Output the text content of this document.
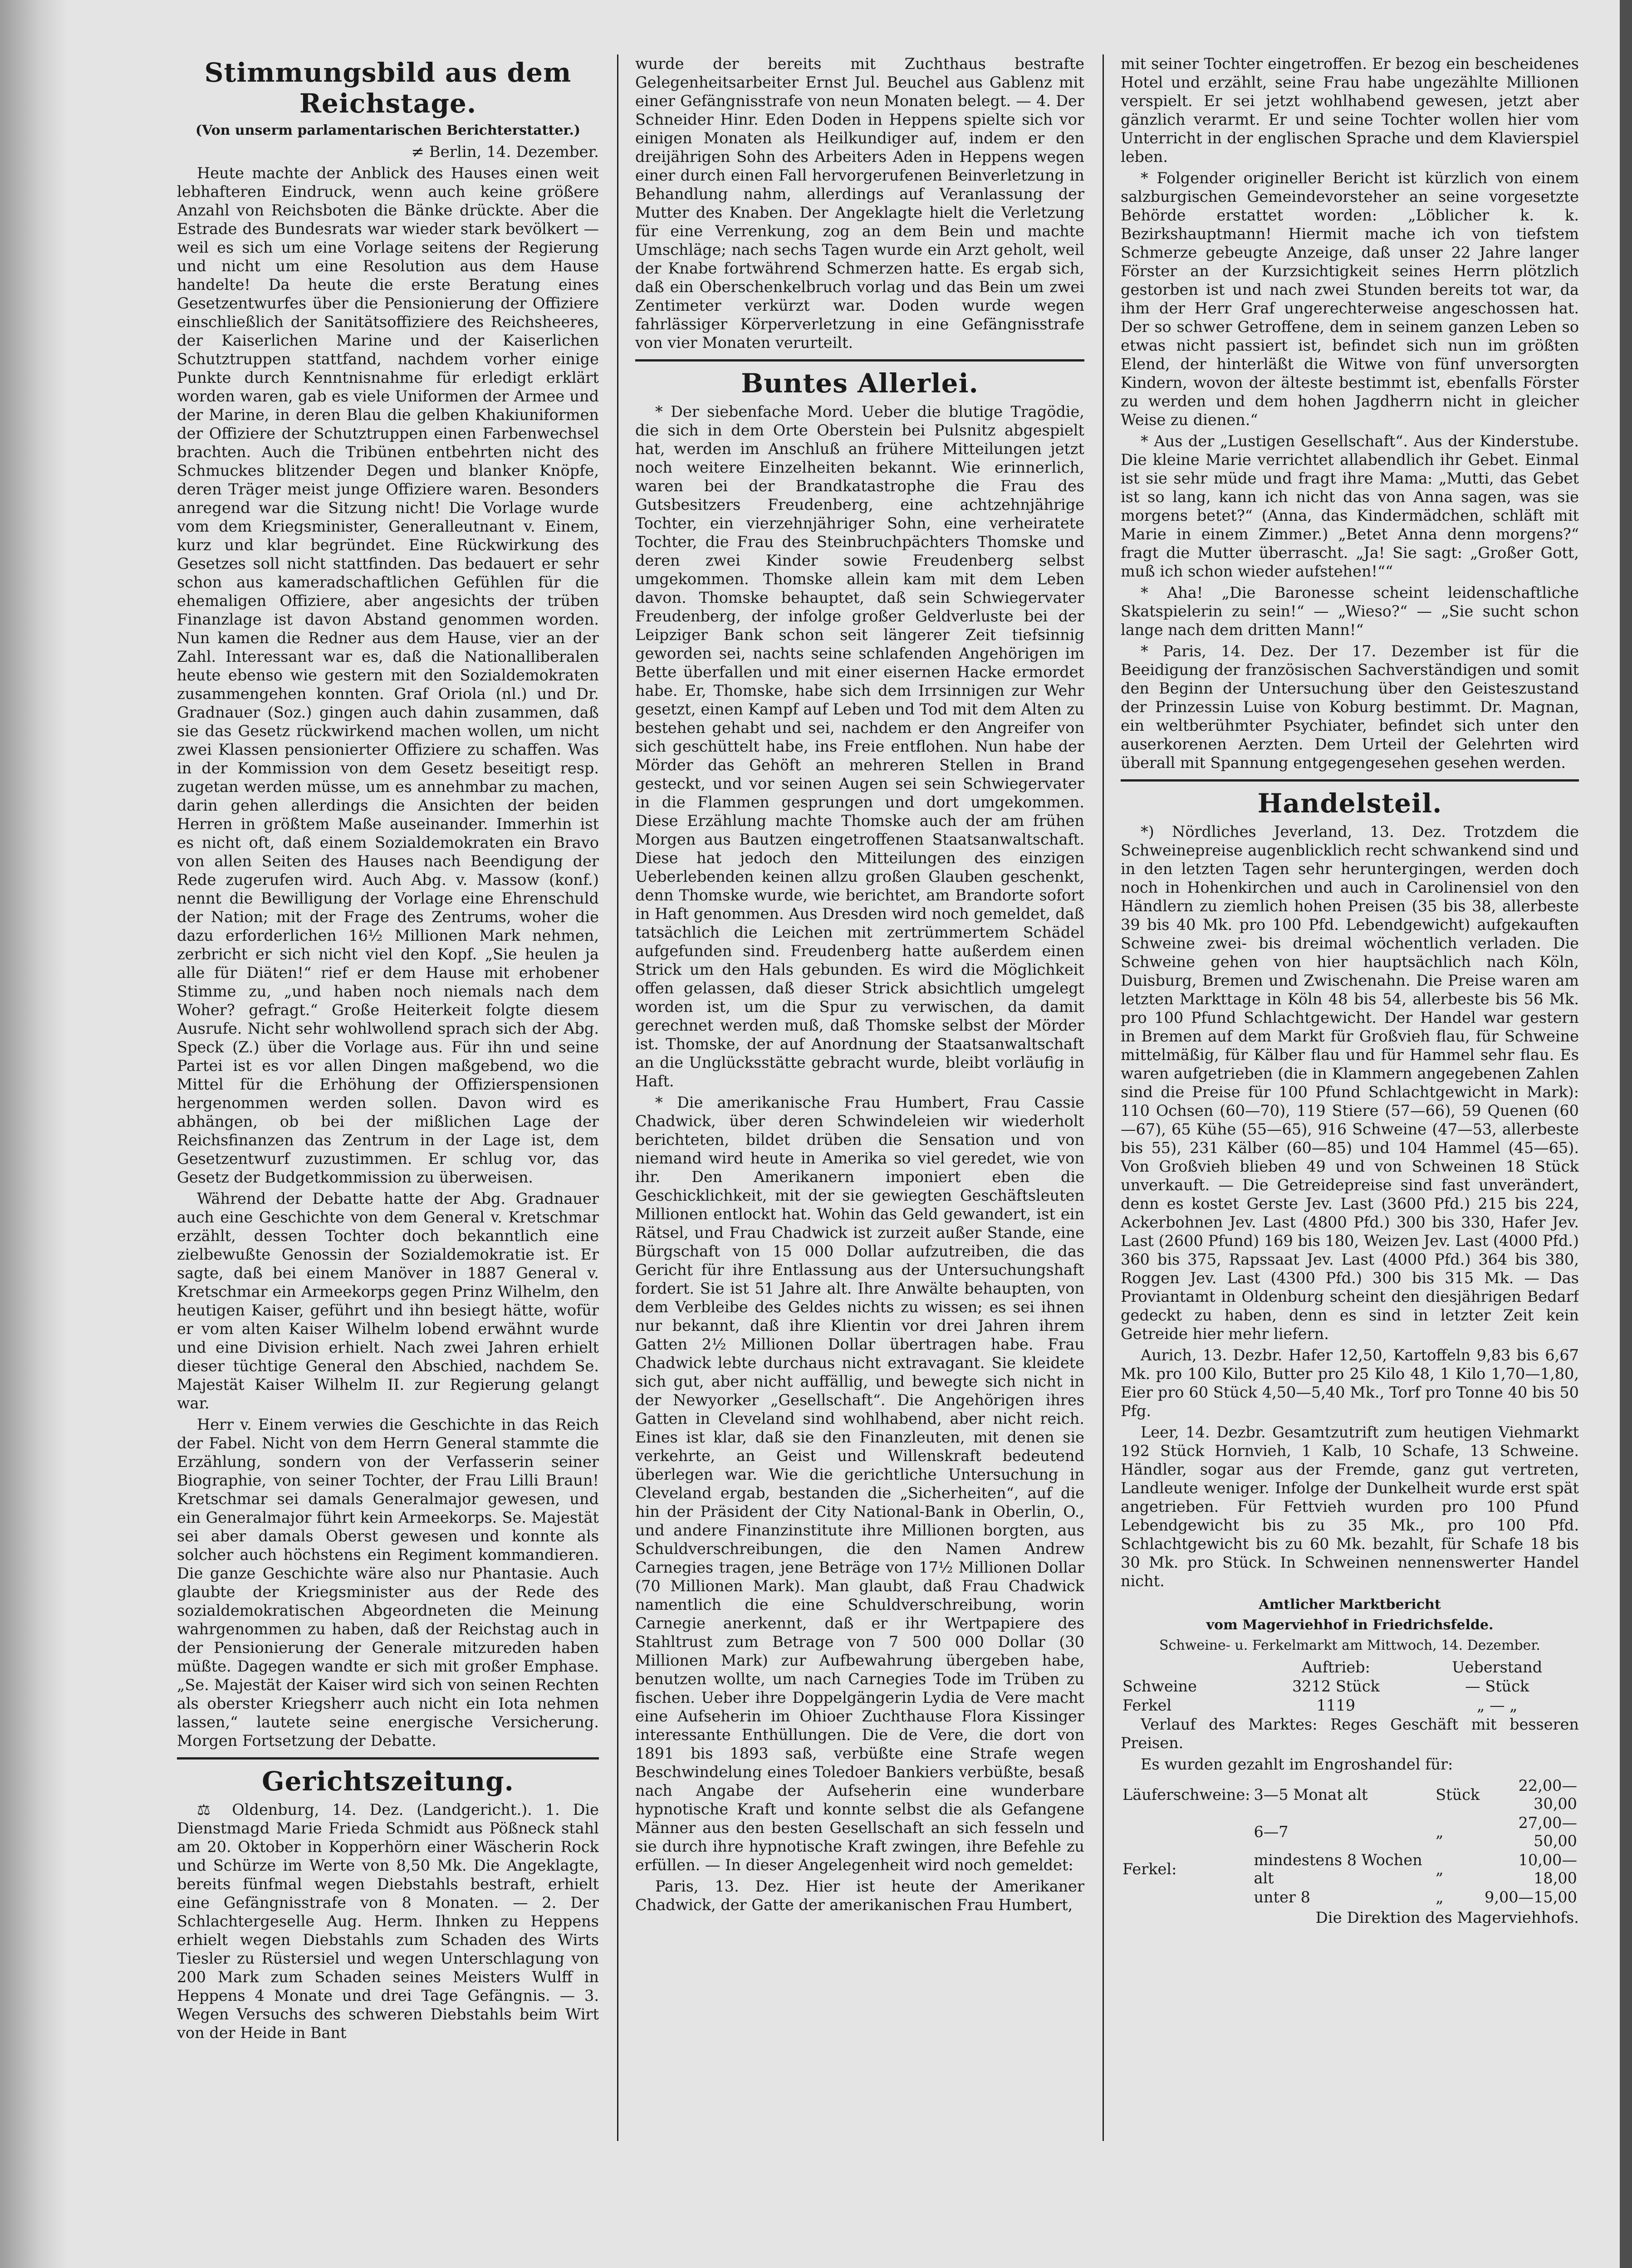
Stimmungsbild aus dem Reichstage.
(Von unserm parlamentarischen Berichterstatter.)
≠ Berlin, 14. Dezember.

Heute machte der Anblick des Hauses einen weit lebhafteren Eindruck, wenn auch keine größere Anzahl von Reichsboten die Bänke drückte. Aber die Estrade des Bundesrats war wieder stark bevölkert — weil es sich um eine Vorlage seitens der Regierung und nicht um eine Resolution aus dem Hause handelte! Da heute die erste Beratung eines Gesetzentwurfes über die Pensionierung der Offiziere einschließlich der Sanitätsoffiziere des Reichsheeres, der Kaiserlichen Marine und der Kaiserlichen Schutztruppen stattfand, nachdem vorher einige Punkte durch Kenntnisnahme für erledigt erklärt worden waren, gab es viele Uniformen der Armee und der Marine, in deren Blau die gelben Khakiuniformen der Offiziere der Schutztruppen einen Farbenwechsel brachten. Auch die Tribünen entbehrten nicht des Schmuckes blitzender Degen und blanker Knöpfe, deren Träger meist junge Offiziere waren. Besonders anregend war die Sitzung nicht! Die Vorlage wurde vom dem Kriegsminister, Generalleutnant v. Einem, kurz und klar begründet. Eine Rückwirkung des Gesetzes soll nicht stattfinden. Das bedauert er sehr schon aus kameradschaftlichen Gefühlen für die ehemaligen Offiziere, aber angesichts der trüben Finanzlage ist davon Abstand genommen worden. Nun kamen die Redner aus dem Hause, vier an der Zahl. Interessant war es, daß die Nationalliberalen heute ebenso wie gestern mit den Sozialdemokraten zusammengehen konnten. Graf Oriola (nl.) und Dr. Gradnauer (Soz.) gingen auch dahin zusammen, daß sie das Gesetz rückwirkend machen wollen, um nicht zwei Klassen pensionierter Offiziere zu schaffen. Was in der Kommission von dem Gesetz beseitigt resp. zugetan werden müsse, um es annehmbar zu machen, darin gehen allerdings die Ansichten der beiden Herren in größtem Maße auseinander. Immerhin ist es nicht oft, daß einem Sozialdemokraten ein Bravo von allen Seiten des Hauses nach Beendigung der Rede zugerufen wird. Auch Abg. v. Massow (konf.) nennt die Bewilligung der Vorlage eine Ehrenschuld der Nation; mit der Frage des Zentrums, woher die dazu erforderlichen 16½ Millionen Mark nehmen, zerbricht er sich nicht viel den Kopf. „Sie heulen ja alle für Diäten!“ rief er dem Hause mit erhobener Stimme zu, „und haben noch niemals nach dem Woher? gefragt.“ Große Heiterkeit folgte diesem Ausrufe. Nicht sehr wohlwollend sprach sich der Abg. Speck (Z.) über die Vorlage aus. Für ihn und seine Partei ist es vor allen Dingen maßgebend, wo die Mittel für die Erhöhung der Offizierspensionen hergenommen werden sollen. Davon wird es abhängen, ob bei der mißlichen Lage der Reichsfinanzen das Zentrum in der Lage ist, dem Gesetzentwurf zuzustimmen. Er schlug vor, das Gesetz der Budgetkommission zu überweisen.

Während der Debatte hatte der Abg. Gradnauer auch eine Geschichte von dem General v. Kretschmar erzählt, dessen Tochter doch bekanntlich eine zielbewußte Genossin der Sozialdemokratie ist. Er sagte, daß bei einem Manöver in 1887 General v. Kretschmar ein Armeekorps gegen Prinz Wilhelm, den heutigen Kaiser, geführt und ihn besiegt hätte, wofür er vom alten Kaiser Wilhelm lobend erwähnt wurde und eine Division erhielt. Nach zwei Jahren erhielt dieser tüchtige General den Abschied, nachdem Se. Majestät Kaiser Wilhelm II. zur Regierung gelangt war.

Herr v. Einem verwies die Geschichte in das Reich der Fabel. Nicht von dem Herrn General stammte die Erzählung, sondern von der Verfasserin seiner Biographie, von seiner Tochter, der Frau Lilli Braun! Kretschmar sei damals Generalmajor gewesen, und ein Generalmajor führt kein Armeekorps. Se. Majestät sei aber damals Oberst gewesen und konnte als solcher auch höchstens ein Regiment kommandieren. Die ganze Geschichte wäre also nur Phantasie. Auch glaubte der Kriegsminister aus der Rede des sozialdemokratischen Abgeordneten die Meinung wahrgenommen zu haben, daß der Reichstag auch in der Pensionierung der Generale mitzureden haben müßte. Dagegen wandte er sich mit großer Emphase. „Se. Majestät der Kaiser wird sich von seinen Rechten als oberster Kriegsherr auch nicht ein Iota nehmen lassen,“ lautete seine energische Versicherung. Morgen Fortsetzung der Debatte.

Gerichtszeitung.

⚖ Oldenburg, 14. Dez. (Landgericht.). 1. Die Dienstmagd Marie Frieda Schmidt aus Pößneck stahl am 20. Oktober in Kopperhörn einer Wäscherin Rock und Schürze im Werte von 8,50 Mk. Die Angeklagte, bereits fünfmal wegen Diebstahls bestraft, erhielt eine Gefängnisstrafe von 8 Monaten. — 2. Der Schlachtergeselle Aug. Herm. Ihnken zu Heppens erhielt wegen Diebstahls zum Schaden des Wirts Tiesler zu Rüstersiel und wegen Unterschlagung von 200 Mark zum Schaden seines Meisters Wulff in Heppens 4 Monate und drei Tage Gefängnis. — 3. Wegen Versuchs des schweren Diebstahls beim Wirt von der Heide in Bant

wurde der bereits mit Zuchthaus bestrafte Gelegenheitsarbeiter Ernst Jul. Beuchel aus Gablenz mit einer Gefängnisstrafe von neun Monaten belegt. — 4. Der Schneider Hinr. Eden Doden in Heppens spielte sich vor einigen Monaten als Heilkundiger auf, indem er den dreijährigen Sohn des Arbeiters Aden in Heppens wegen einer durch einen Fall hervorgerufenen Beinverletzung in Behandlung nahm, allerdings auf Veranlassung der Mutter des Knaben. Der Angeklagte hielt die Verletzung für eine Verrenkung, zog an dem Bein und machte Umschläge; nach sechs Tagen wurde ein Arzt geholt, weil der Knabe fortwährend Schmerzen hatte. Es ergab sich, daß ein Oberschenkelbruch vorlag und das Bein um zwei Zentimeter verkürzt war. Doden wurde wegen fahrlässiger Körperverletzung in eine Gefängnisstrafe von vier Monaten verurteilt.

Buntes Allerlei.

* Der siebenfache Mord. Ueber die blutige Tragödie, die sich in dem Orte Oberstein bei Pulsnitz abgespielt hat, werden im Anschluß an frühere Mitteilungen jetzt noch weitere Einzelheiten bekannt. Wie erinnerlich, waren bei der Brandkatastrophe die Frau des Gutsbesitzers Freudenberg, eine achtzehnjährige Tochter, ein vierzehnjähriger Sohn, eine verheiratete Tochter, die Frau des Steinbruchpächters Thomske und deren zwei Kinder sowie Freudenberg selbst umgekommen. Thomske allein kam mit dem Leben davon. Thomske behauptet, daß sein Schwiegervater Freudenberg, der infolge großer Geldverluste bei der Leipziger Bank schon seit längerer Zeit tiefsinnig geworden sei, nachts seine schlafenden Angehörigen im Bette überfallen und mit einer eisernen Hacke ermordet habe. Er, Thomske, habe sich dem Irrsinnigen zur Wehr gesetzt, einen Kampf auf Leben und Tod mit dem Alten zu bestehen gehabt und sei, nachdem er den Angreifer von sich geschüttelt habe, ins Freie entflohen. Nun habe der Mörder das Gehöft an mehreren Stellen in Brand gesteckt, und vor seinen Augen sei sein Schwiegervater in die Flammen gesprungen und dort umgekommen. Diese Erzählung machte Thomske auch der am frühen Morgen aus Bautzen eingetroffenen Staatsanwaltschaft. Diese hat jedoch den Mitteilungen des einzigen Ueberlebenden keinen allzu großen Glauben geschenkt, denn Thomske wurde, wie berichtet, am Brandorte sofort in Haft genommen. Aus Dresden wird noch gemeldet, daß tatsächlich die Leichen mit zertrümmertem Schädel aufgefunden sind. Freudenberg hatte außerdem einen Strick um den Hals gebunden. Es wird die Möglichkeit offen gelassen, daß dieser Strick absichtlich umgelegt worden ist, um die Spur zu verwischen, da damit gerechnet werden muß, daß Thomske selbst der Mörder ist. Thomske, der auf Anordnung der Staatsanwaltschaft an die Unglücksstätte gebracht wurde, bleibt vorläufig in Haft.

* Die amerikanische Frau Humbert, Frau Cassie Chadwick, über deren Schwindeleien wir wiederholt berichteten, bildet drüben die Sensation und von niemand wird heute in Amerika so viel geredet, wie von ihr. Den Amerikanern imponiert eben die Geschicklichkeit, mit der sie gewiegten Geschäftsleuten Millionen entlockt hat. Wohin das Geld gewandert, ist ein Rätsel, und Frau Chadwick ist zurzeit außer Stande, eine Bürgschaft von 15 000 Dollar aufzutreiben, die das Gericht für ihre Entlassung aus der Untersuchungshaft fordert. Sie ist 51 Jahre alt. Ihre Anwälte behaupten, von dem Verbleibe des Geldes nichts zu wissen; es sei ihnen nur bekannt, daß ihre Klientin vor drei Jahren ihrem Gatten 2½ Millionen Dollar übertragen habe. Frau Chadwick lebte durchaus nicht extravagant. Sie kleidete sich gut, aber nicht auffällig, und bewegte sich nicht in der Newyorker „Gesellschaft“. Die Angehörigen ihres Gatten in Cleveland sind wohlhabend, aber nicht reich. Eines ist klar, daß sie den Finanzleuten, mit denen sie verkehrte, an Geist und Willenskraft bedeutend überlegen war. Wie die gerichtliche Untersuchung in Cleveland ergab, bestanden die „Sicherheiten“, auf die hin der Präsident der City National-Bank in Oberlin, O., und andere Finanzinstitute ihre Millionen borgten, aus Schuldverschreibungen, die den Namen Andrew Carnegies tragen, jene Beträge von 17½ Millionen Dollar (70 Millionen Mark). Man glaubt, daß Frau Chadwick namentlich die eine Schuldverschreibung, worin Carnegie anerkennt, daß er ihr Wertpapiere des Stahltrust zum Betrage von 7 500 000 Dollar (30 Millionen Mark) zur Aufbewahrung übergeben habe, benutzen wollte, um nach Carnegies Tode im Trüben zu fischen. Ueber ihre Doppelgängerin Lydia de Vere macht eine Aufseherin im Ohioer Zuchthause Flora Kissinger interessante Enthüllungen. Die de Vere, die dort von 1891 bis 1893 saß, verbüßte eine Strafe wegen Beschwindelung eines Toledoer Bankiers verbüßte, besaß nach Angabe der Aufseherin eine wunderbare hypnotische Kraft und konnte selbst die als Gefangene Männer aus den besten Gesellschaft an sich fesseln und sie durch ihre hypnotische Kraft zwingen, ihre Befehle zu erfüllen. — In dieser Angelegenheit wird noch gemeldet:

Paris, 13. Dez. Hier ist heute der Amerikaner Chadwick, der Gatte der amerikanischen Frau Humbert,

mit seiner Tochter eingetroffen. Er bezog ein bescheidenes Hotel und erzählt, seine Frau habe ungezählte Millionen verspielt. Er sei jetzt wohlhabend gewesen, jetzt aber gänzlich verarmt. Er und seine Tochter wollen hier vom Unterricht in der englischen Sprache und dem Klavierspiel leben.

* Folgender origineller Bericht ist kürzlich von einem salzburgischen Gemeindevorsteher an seine vorgesetzte Behörde erstattet worden: „Löblicher k. k. Bezirkshauptmann! Hiermit mache ich von tiefstem Schmerze gebeugte Anzeige, daß unser 22 Jahre langer Förster an der Kurzsichtigkeit seines Herrn plötzlich gestorben ist und nach zwei Stunden bereits tot war, da ihm der Herr Graf ungerechterweise angeschossen hat. Der so schwer Getroffene, dem in seinem ganzen Leben so etwas nicht passiert ist, befindet sich nun im größten Elend, der hinterläßt die Witwe von fünf unversorgten Kindern, wovon der älteste bestimmt ist, ebenfalls Förster zu werden und dem hohen Jagdherrn nicht in gleicher Weise zu dienen.“

* Aus der „Lustigen Gesellschaft“. Aus der Kinderstube. Die kleine Marie verrichtet allabendlich ihr Gebet. Einmal ist sie sehr müde und fragt ihre Mama: „Mutti, das Gebet ist so lang, kann ich nicht das von Anna sagen, was sie morgens betet?“ (Anna, das Kindermädchen, schläft mit Marie in einem Zimmer.) „Betet Anna denn morgens?“ fragt die Mutter überrascht. „Ja! Sie sagt: „Großer Gott, muß ich schon wieder aufstehen!““

* Aha! „Die Baronesse scheint leidenschaftliche Skatspielerin zu sein!“ — „Wieso?“ — „Sie sucht schon lange nach dem dritten Mann!“

* Paris, 14. Dez. Der 17. Dezember ist für die Beeidigung der französischen Sachverständigen und somit den Beginn der Untersuchung über den Geisteszustand der Prinzessin Luise von Koburg bestimmt. Dr. Magnan, ein weltberühmter Psychiater, befindet sich unter den auserkorenen Aerzten. Dem Urteil der Gelehrten wird überall mit Spannung entgegengesehen gesehen werden.

Handelsteil.

*) Nördliches Jeverland, 13. Dez. Trotzdem die Schweinepreise augenblicklich recht schwankend sind und in den letzten Tagen sehr heruntergingen, werden doch noch in Hohenkirchen und auch in Carolinensiel von den Händlern zu ziemlich hohen Preisen (35 bis 38, allerbeste 39 bis 40 Mk. pro 100 Pfd. Lebendgewicht) aufgekauften Schweine zwei- bis dreimal wöchentlich verladen. Die Schweine gehen von hier hauptsächlich nach Köln, Duisburg, Bremen und Zwischenahn. Die Preise waren am letzten Markttage in Köln 48 bis 54, allerbeste bis 56 Mk. pro 100 Pfund Schlachtgewicht. Der Handel war gestern in Bremen auf dem Markt für Großvieh flau, für Schweine mittelmäßig, für Kälber flau und für Hammel sehr flau. Es waren aufgetrieben (die in Klammern angegebenen Zahlen sind die Preise für 100 Pfund Schlachtgewicht in Mark): 110 Ochsen (60—70), 119 Stiere (57—66), 59 Quenen (60—67), 65 Kühe (55—65), 916 Schweine (47—53, allerbeste bis 55), 231 Kälber (60—85) und 104 Hammel (45—65). Von Großvieh blieben 49 und von Schweinen 18 Stück unverkauft. — Die Getreidepreise sind fast unverändert, denn es kostet Gerste Jev. Last (3600 Pfd.) 215 bis 224, Ackerbohnen Jev. Last (4800 Pfd.) 300 bis 330, Hafer Jev. Last (2600 Pfund) 169 bis 180, Weizen Jev. Last (4000 Pfd.) 360 bis 375, Rapssaat Jev. Last (4000 Pfd.) 364 bis 380, Roggen Jev. Last (4300 Pfd.) 300 bis 315 Mk. — Das Proviantamt in Oldenburg scheint den diesjährigen Bedarf gedeckt zu haben, denn es sind in letzter Zeit kein Getreide hier mehr liefern.

Aurich, 13. Dezbr. Hafer 12,50, Kartoffeln 9,83 bis 6,67 Mk. pro 100 Kilo, Butter pro 25 Kilo 48, 1 Kilo 1,70—1,80, Eier pro 60 Stück 4,50—5,40 Mk., Torf pro Tonne 40 bis 50 Pfg.

Leer, 14. Dezbr. Gesamtzutrift zum heutigen Viehmarkt 192 Stück Hornvieh, 1 Kalb, 10 Schafe, 13 Schweine. Händler, sogar aus der Fremde, ganz gut vertreten, Landleute weniger. Infolge der Dunkelheit wurde erst spät angetrieben. Für Fettvieh wurden pro 100 Pfund Lebendgewicht bis zu 35 Mk., pro 100 Pfd. Schlachtgewicht bis zu 60 Mk. bezahlt, für Schafe 18 bis 30 Mk. pro Stück. In Schweinen nennenswerter Handel nicht.

Amtlicher Marktbericht
vom Magerviehhof in Friedrichsfelde.
Schweine- u. Ferkelmarkt am Mittwoch, 14. Dezember.
	Auftrieb:	Ueberstand
Schweine	3212 Stück	— Stück
Ferkel	1119	„ — „

Verlauf des Marktes: Reges Geschäft mit besseren Preisen.

Es wurden gezahlt im Engroshandel für:

Läuferschweine:	3—5 Monat alt	Stück	22,00—30,00
	6—7	„	27,00—50,00
Ferkel:	mindestens 8 Wochen alt	„	10,00—18,00
	unter 8	„	9,00—15,00
Die Direktion des Magerviehhofs.
